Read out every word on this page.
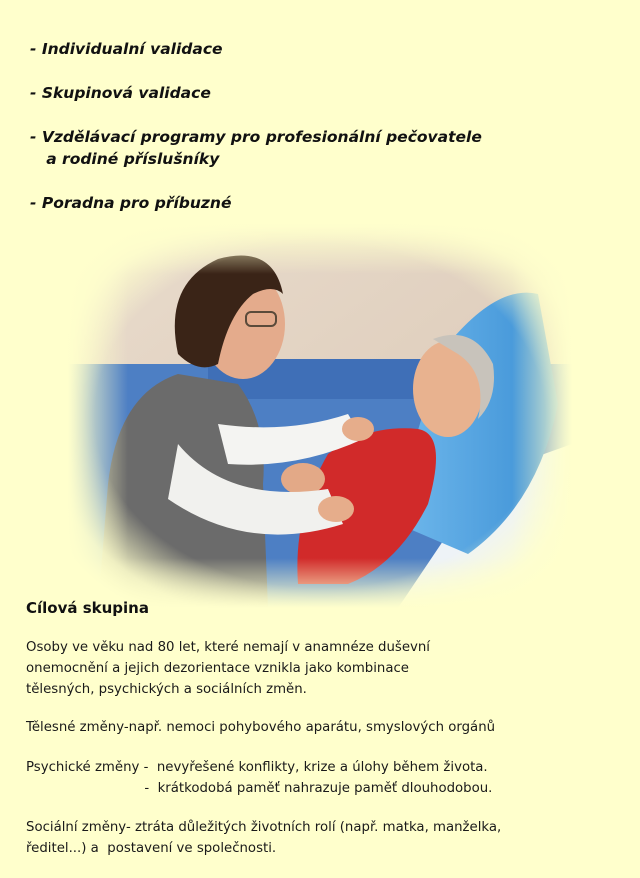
- Individualní validace
- Skupinová validace
- Vzdělávací programy pro profesionální pečovatele
a rodiné příslušníky
- Poradna pro příbuzné
Cílová skupina
Osoby ve věku nad 80 let, které nemají v anamnéze duševní
onemocnění a jejich dezorientace vznikla jako kombinace
tělesných, psychických a sociálních změn.
Tělesné změny-např. nemoci pohybového aparátu, smyslových orgánů
Psychické změny -  nevyřešené konflikty, krize a úlohy během života.
-  krátkodobá paměť nahrazuje paměť dlouhodobou.
Sociální změny- ztráta důležitých životních rolí (např. matka, manželka,
ředitel...) a  postavení ve společnosti.
